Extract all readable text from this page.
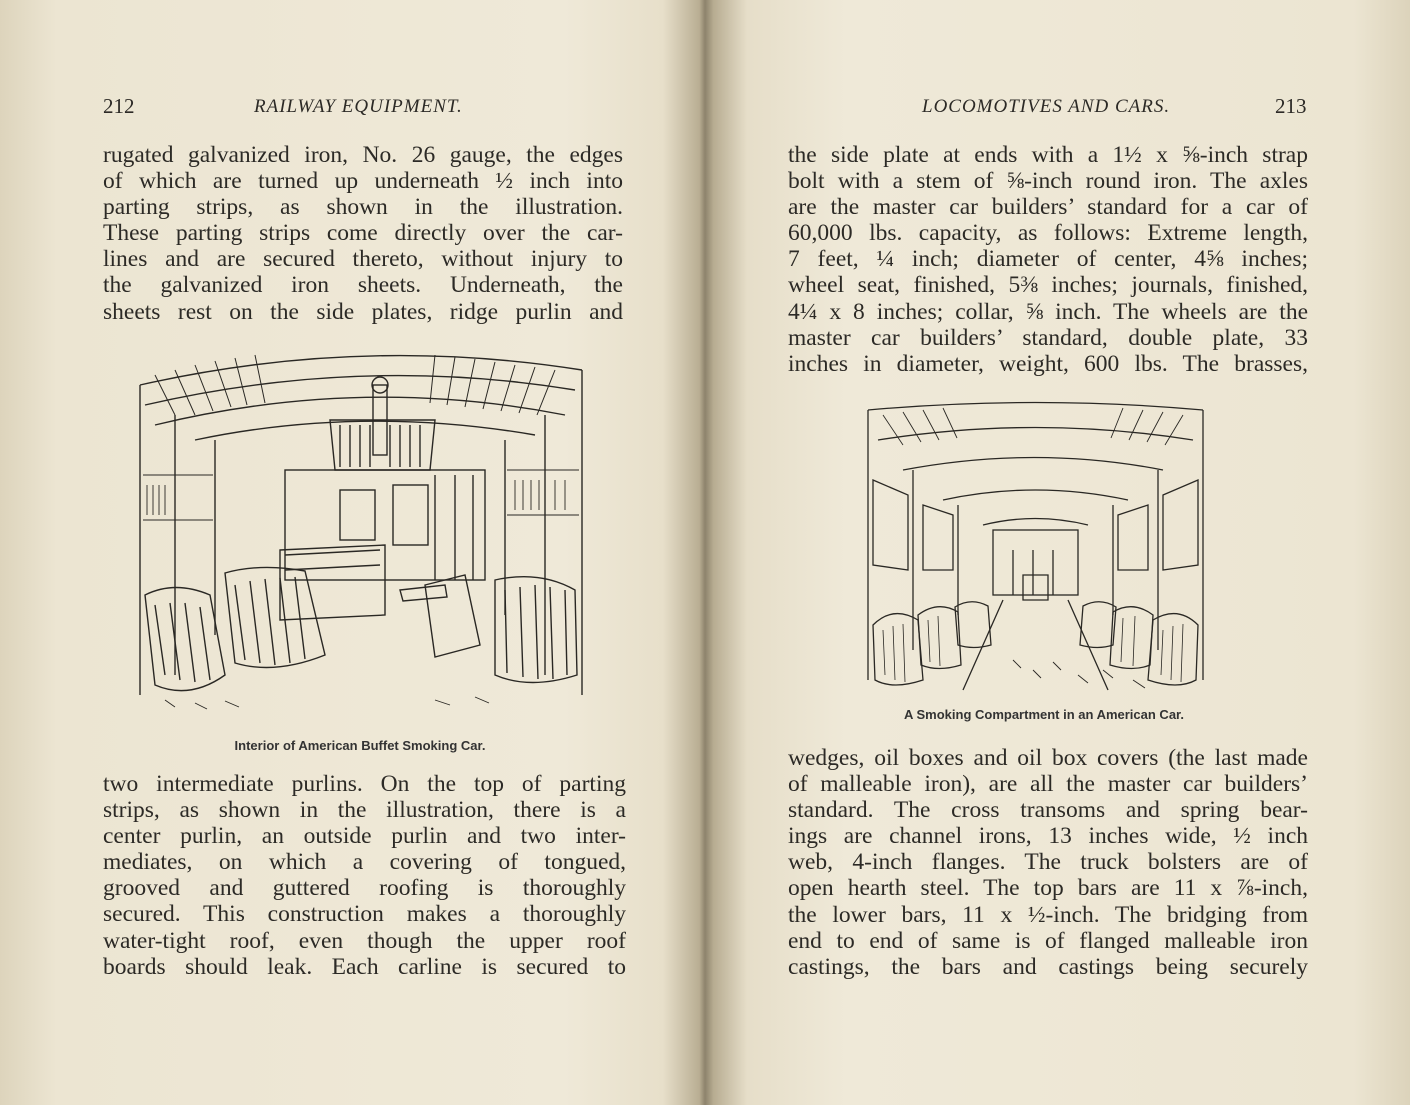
212	RAILWAY EQUIPMENT.
rugated galvanized iron, No. 26 gauge, the edges
of which are turned up underneath ½ inch into
parting strips, as shown in the illustration.
These parting strips come directly over the car-
lines and are secured thereto, without injury to
the galvanized iron sheets. Underneath, the
sheets rest on the side plates, ridge purlin and
Interior of American Buffet Smoking Car.
two intermediate purlins. On the top of parting
strips, as shown in the illustration, there is a
center purlin, an outside purlin and two inter-
mediates, on which a covering of tongued,
grooved and guttered roofing is thoroughly
secured. This construction makes a thoroughly
water-tight roof, even though the upper roof
boards should leak. Each carline is secured to
LOCOMOTIVES AND CARS.	213
the side plate at ends with a 1½ x ⅝-inch strap
bolt with a stem of ⅝-inch round iron. The axles
are the master car builders’ standard for a car of
60,000 lbs. capacity, as follows: Extreme length,
7 feet, ¼ inch; diameter of center, 4⅝ inches;
wheel seat, finished, 5⅜ inches; journals, finished,
4¼ x 8 inches; collar, ⅝ inch. The wheels are the
master car builders’ standard, double plate, 33
inches in diameter, weight, 600 lbs. The brasses,
A Smoking Compartment in an American Car.
wedges, oil boxes and oil box covers (the last made
of malleable iron), are all the master car builders’
standard. The cross transoms and spring bear-
ings are channel irons, 13 inches wide, ½ inch
web, 4-inch flanges. The truck bolsters are of
open hearth steel. The top bars are 11 x ⅞-inch,
the lower bars, 11 x ½-inch. The bridging from
end to end of same is of flanged malleable iron
castings, the bars and castings being securely
